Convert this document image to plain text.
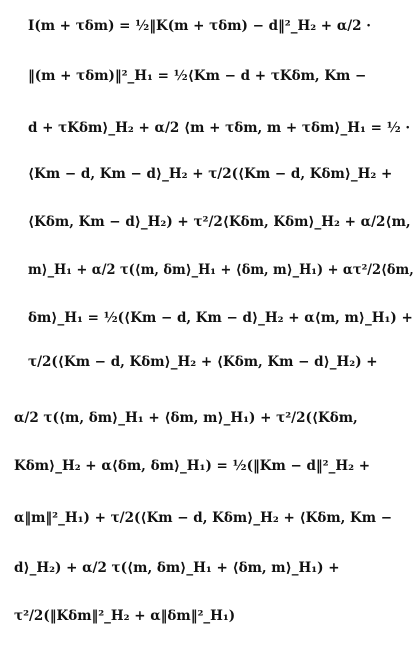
I(m + τδm) = ½‖K(m + τδm) − d‖²_H₂ + α/2 ·
‖(m + τδm)‖²_H₁ = ½⟨Km − d + τKδm, Km −
d + τKδm⟩_H₂ + α/2 ⟨m + τδm, m + τδm⟩_H₁ = ½ ·
⟨Km − d, Km − d⟩_H₂ + τ/2(⟨Km − d, Kδm⟩_H₂ +
⟨Kδm, Km − d⟩_H₂) + τ²/2⟨Kδm, Kδm⟩_H₂ + α/2⟨m,
m⟩_H₁ + α/2 τ(⟨m, δm⟩_H₁ + ⟨δm, m⟩_H₁) + ατ²/2⟨δm,
δm⟩_H₁ = ½(⟨Km − d, Km − d⟩_H₂ + α⟨m, m⟩_H₁) +
τ/2(⟨Km − d, Kδm⟩_H₂ + ⟨Kδm, Km − d⟩_H₂) +
α/2 τ(⟨m, δm⟩_H₁ + ⟨δm, m⟩_H₁) + τ²/2(⟨Kδm,
Kδm⟩_H₂ + α⟨δm, δm⟩_H₁) = ½(‖Km − d‖²_H₂ +
α‖m‖²_H₁) + τ/2(⟨Km − d, Kδm⟩_H₂ + ⟨Kδm, Km −
d⟩_H₂) + α/2 τ(⟨m, δm⟩_H₁ + ⟨δm, m⟩_H₁) +
τ²/2(‖Kδm‖²_H₂ + α‖δm‖²_H₁)
